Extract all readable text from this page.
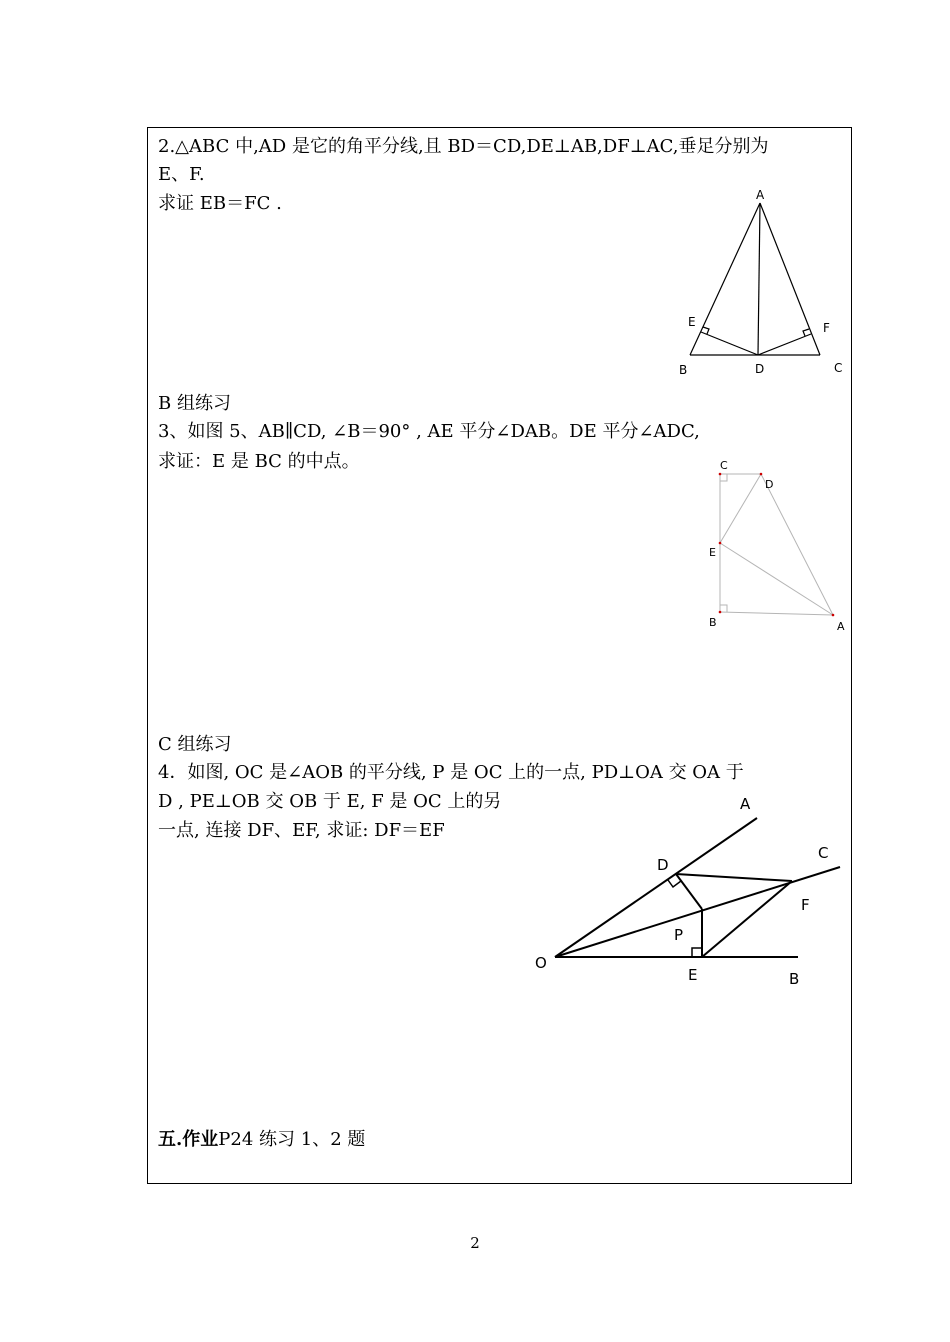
2.△ABC 中,AD 是它的角平分线,且 BD＝CD,DE⊥AB,DF⊥AC,垂足分别为
E、F.
求证 EB＝FC .	A
B	C
D
E	F
B 组练习
3、如图 5、AB∥CD, ∠B＝90° , AE 平分∠DAB。DE 平分∠ADC,
求证：E 是 BC 的中点。	C
D
E
B	A
C 组练习
4．如图, OC 是∠AOB 的平分线, P 是 OC 上的一点, PD⊥OA 交 OA 于
D , PE⊥OB 交 OB 于 E, F 是 OC 上的另
一点, 连接 DF、EF, 求证: DF＝EF
A
C
D
F
P
O
E	B
五.作业P24 练习 1、2 题
2
